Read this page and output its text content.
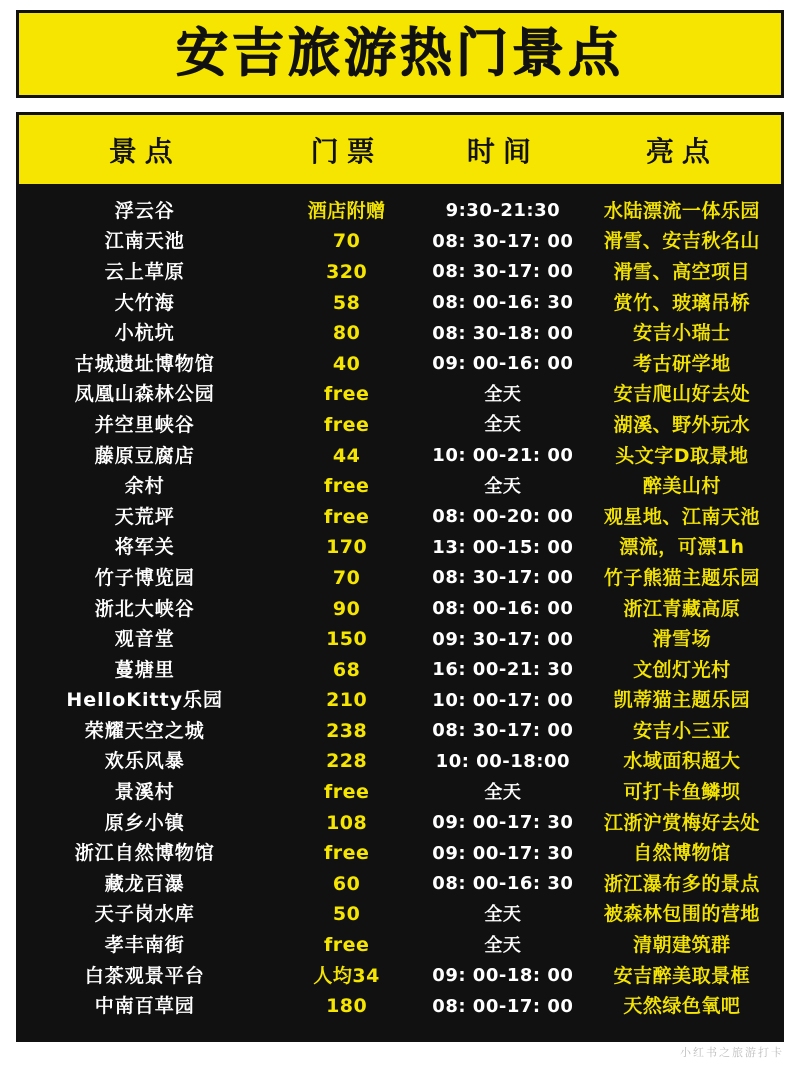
安吉旅游热门景点
景点	门票	时间	亮点
浮云谷	酒店附赠	9:30-21:30	水陆漂流一体乐园
江南天池	70	08: 30-17: 00	滑雪、安吉秋名山
云上草原	320	08: 30-17: 00	滑雪、高空项目
大竹海	58	08: 00-16: 30	赏竹、玻璃吊桥
小杭坑	80	08: 30-18: 00	安吉小瑞士
古城遗址博物馆	40	09: 00-16: 00	考古研学地
凤凰山森林公园	free	全天	安吉爬山好去处
并空里峡谷	free	全天	湖溪、野外玩水
藤原豆腐店	44	10: 00-21: 00	头文字D取景地
余村	free	全天	醉美山村
天荒坪	free	08: 00-20: 00	观星地、江南天池
将军关	170	13: 00-15: 00	漂流，可漂1h
竹子博览园	70	08: 30-17: 00	竹子熊猫主题乐园
浙北大峡谷	90	08: 00-16: 00	浙江青藏高原
观音堂	150	09: 30-17: 00	滑雪场
蔓塘里	68	16: 00-21: 30	文创灯光村
HelloKitty乐园	210	10: 00-17: 00	凯蒂猫主题乐园
荣耀天空之城	238	08: 30-17: 00	安吉小三亚
欢乐风暴	228	10: 00-18:00	水域面积超大
景溪村	free	全天	可打卡鱼鳞坝
原乡小镇	108	09: 00-17: 30	江浙沪赏梅好去处
浙江自然博物馆	free	09: 00-17: 30	自然博物馆
藏龙百瀑	60	08: 00-16: 30	浙江瀑布多的景点
天子岗水库	50	全天	被森林包围的营地
孝丰南街	free	全天	清朝建筑群
白茶观景平台	人均34	09: 00-18: 00	安吉醉美取景框
中南百草园	180	08: 00-17: 00	天然绿色氧吧
小红书之旅游打卡
